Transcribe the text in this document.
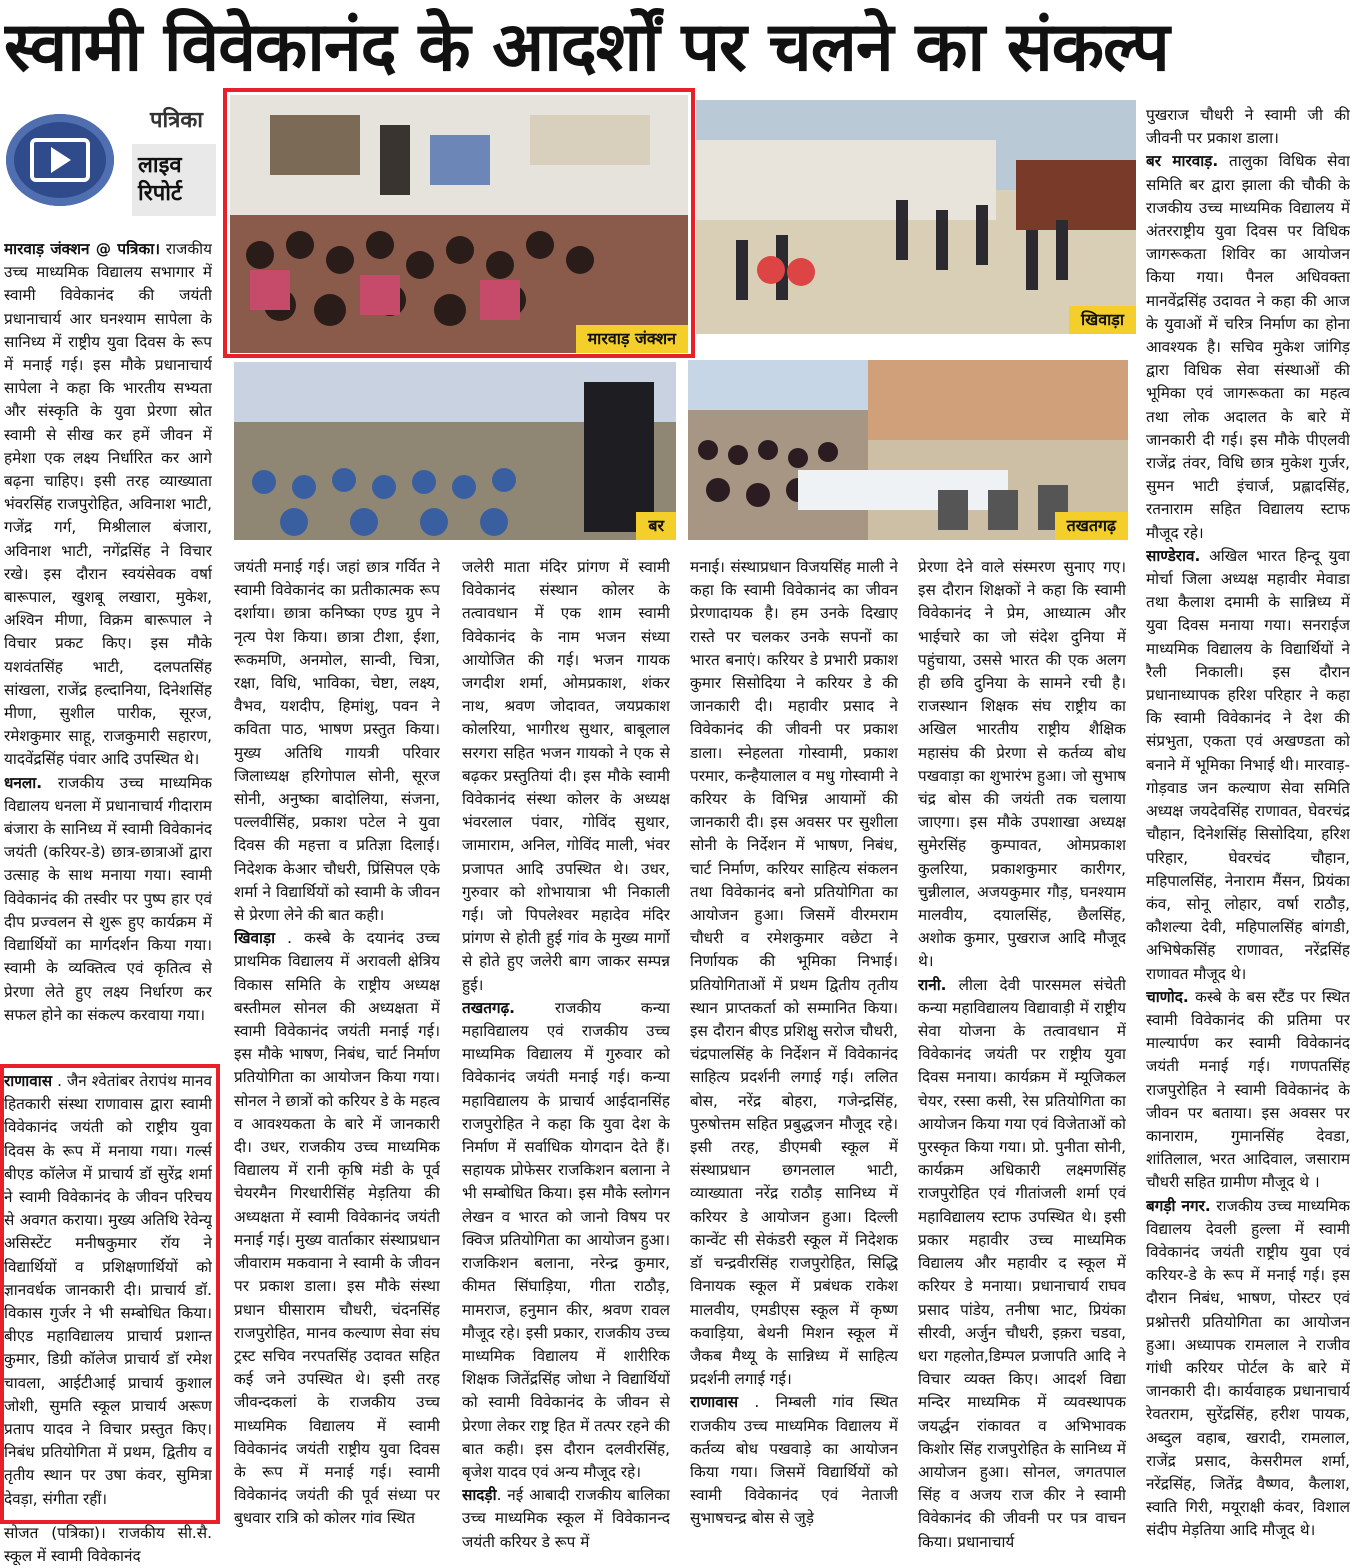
स्वामी विवेकानंद के आदर्शों पर चलने का संकल्प
पत्रिका
लाइव
रिपोर्ट
मारवाड़ जंक्शन
खिवाड़ा
बर	तखतगढ़

मारवाड़ जंक्शन @ पत्रिका। राजकीय उच्च माध्यमिक विद्यालय सभागार में स्वामी विवेकानंद की जयंती प्रधानाचार्य आर घनश्याम सापेला के सानिध्य में राष्ट्रीय युवा दिवस के रूप में मनाई गई। इस मौके प्रधानाचार्य सापेला ने कहा कि भारतीय सभ्यता और संस्कृति के युवा प्रेरणा स्रोत स्वामी से सीख कर हमें जीवन में हमेशा एक लक्ष्य निर्धारित कर आगे बढ़ना चाहिए। इसी तरह व्याख्याता भंवरसिंह राजपुरोहित, अविनाश भाटी, गजेंद्र गर्ग, मिश्रीलाल बंजारा, अविनाश भाटी, नगेंद्रसिंह ने विचार रखे। इस दौरान स्वयंसेवक वर्षा बारूपाल, खुशबू लखारा, मुकेश, अश्विन मीणा, विक्रम बारूपाल ने विचार प्रकट किए। इस मौके यशवंतसिंह भाटी, दलपतसिंह सांखला, राजेंद्र हल्दानिया, दिनेशसिंह मीणा, सुशील पारीक, सूरज, रमेशकुमार साहू, राजकुमारी सहारण, यादवेंद्रसिंह पंवार आदि उपस्थित थे।

धनला. राजकीय उच्च माध्यमिक विद्यालय धनला में प्रधानाचार्य गीदाराम बंजारा के सानिध्य में स्वामी विवेकानंद जयंती (करियर-डे) छात्र-छात्राओं द्वारा उत्साह के साथ मनाया गया। स्वामी विवेकानंद की तस्वीर पर पुष्प हार एवं दीप प्रज्वलन से शुरू हुए कार्यक्रम में विद्यार्थियों का मार्गदर्शन किया गया। स्वामी के व्यक्तित्व एवं कृतित्व से प्रेरणा लेते हुए लक्ष्य निर्धारण कर सफल होने का संकल्प करवाया गया।

राणावास . जैन श्वेतांबर तेरापंथ मानव हितकारी संस्था राणावास द्वारा स्वामी विवेकानंद जयंती को राष्ट्रीय युवा दिवस के रूप में मनाया गया। गर्ल्स बीएड कॉलेज में प्राचार्य डॉ सुरेंद्र शर्मा ने स्वामी विवेकानंद के जीवन परिचय से अवगत कराया। मुख्य अतिथि रेवेन्यू असिस्टेंट मनीषकुमार रॉय ने विद्यार्थियों व प्रशिक्षणार्थियों को ज्ञानवर्धक जानकारी दी। प्राचार्य डॉ. विकास गुर्जर ने भी सम्बोधित किया। बीएड महाविद्यालय प्राचार्य प्रशान्त कुमार, डिग्री कॉलेज प्राचार्य डॉ रमेश चावला, आईटीआई प्राचार्य कुशाल जोशी, सुमति स्कूल प्राचार्य अरूण प्रताप यादव ने विचार प्रस्तुत किए। निबंध प्रतियोगिता में प्रथम, द्वितीय व तृतीय स्थान पर उषा कंवर, सुमित्रा देवड़ा, संगीता रहीं।

सोजत (पत्रिका)। राजकीय सी.सै. स्कूल में स्वामी विवेकानंद

जयंती मनाई गई। जहां छात्र गर्वित ने स्वामी विवेकानंद का प्रतीकात्मक रूप दर्शाया। छात्रा कनिष्का एण्ड ग्रुप ने नृत्य पेश किया। छात्रा टीशा, ईशा, रूकमणि, अनमोल, सान्वी, चित्रा, रक्षा, विधि, भाविका, चेष्टा, लक्ष्य, वैभव, यशदीप, हिमांशु, पवन ने कविता पाठ, भाषण प्रस्तुत किया। मुख्य अतिथि गायत्री परिवार जिलाध्यक्ष हरिगोपाल सोनी, सूरज सोनी, अनुष्का बादोलिया, संजना, पल्लवीसिंह, प्रकाश पटेल ने युवा दिवस की महत्ता व प्रतिज्ञा दिलाई। निदेशक केआर चौधरी, प्रिंसिपल एके शर्मा ने विद्यार्थियों को स्वामी के जीवन से प्रेरणा लेने की बात कही।

खिवाड़ा . कस्बे के दयानंद उच्च प्राथमिक विद्यालय में अरावली क्षेत्रिय विकास समिति के राष्ट्रीय अध्यक्ष बस्तीमल सोनल की अध्यक्षता में स्वामी विवेकानंद जयंती मनाई गई। इस मौके भाषण, निबंध, चार्ट निर्माण प्रतियोगिता का आयोजन किया गया। सोनल ने छात्रों को करियर डे के महत्व व आवश्यकता के बारे में जानकारी दी। उधर, राजकीय उच्च माध्यमिक विद्यालय में रानी कृषि मंडी के पूर्व चेयरमैन गिरधारीसिंह मेड़तिया की अध्यक्षता में स्वामी विवेकानंद जयंती मनाई गई। मुख्य वार्ताकार संस्थाप्रधान जीवाराम मकवाना ने स्वामी के जीवन पर प्रकाश डाला। इस मौके संस्था प्रधान घीसाराम चौधरी, चंदनसिंह राजपुरोहित, मानव कल्याण सेवा संघ ट्रस्ट सचिव नरपतसिंह उदावत सहित कई जने उपस्थित थे। इसी तरह जीवन्दकलां के राजकीय उच्च माध्यमिक विद्यालय में स्वामी विवेकानंद जयंती राष्ट्रीय युवा दिवस के रूप में मनाई गई। स्वामी विवेकानंद जयंती की पूर्व संध्या पर बुधवार रात्रि को कोलर गांव स्थित

जलेरी माता मंदिर प्रांगण में स्वामी विवेकानंद संस्थान कोलर के तत्वावधान में एक शाम स्वामी विवेकानंद के नाम भजन संध्या आयोजित की गई। भजन गायक जगदीश शर्मा, ओमप्रकाश, शंकर नाथ, श्रवण जोदावत, जयप्रकाश कोलरिया, भागीरथ सुथार, बाबूलाल सरगरा सहित भजन गायको ने एक से बढ़कर प्रस्तुतियां दी। इस मौके स्वामी विवेकानंद संस्था कोलर के अध्यक्ष भंवरलाल पंवार, गोविंद सुथार, जामाराम, अनिल, गोविंद माली, भंवर प्रजापत आदि उपस्थित थे। उधर, गुरुवार को शोभायात्रा भी निकाली गई। जो पिपलेश्वर महादेव मंदिर प्रांगण से होती हुई गांव के मुख्य मार्गो से होते हुए जलेरी बाग जाकर सम्पन्न हुई।

तखतगढ़. राजकीय कन्या महाविद्यालय एवं राजकीय उच्च माध्यमिक विद्यालय में गुरुवार को विवेकानंद जयंती मनाई गई। कन्या महाविद्यालय के प्राचार्य आईदानसिंह राजपुरोहित ने कहा कि युवा देश के निर्माण में सर्वाधिक योगदान देते हैं। सहायक प्रोफेसर राजकिशन बलाना ने भी सम्बोधित किया। इस मौके स्लोगन लेखन व भारत को जानो विषय पर क्विज प्रतियोगिता का आयोजन हुआ। राजकिशन बलाना, नरेन्द्र कुमार, कीमत सिंघाड़िया, गीता राठौड़, मामराज, हनुमान कीर, श्रवण रावल मौजूद रहे। इसी प्रकार, राजकीय उच्च माध्यमिक विद्यालय में शारीरिक शिक्षक जितेंद्रसिंह जोधा ने विद्यार्थियों को स्वामी विवेकानंद के जीवन से प्रेरणा लेकर राष्ट्र हित में तत्पर रहने की बात कही। इस दौरान दलवीरसिंह, बृजेश यादव एवं अन्य मौजूद रहे।

सादड़ी. नई आबादी राजकीय बालिका उच्च माध्यमिक स्कूल में विवेकानन्द जयंती करियर डे रूप में

मनाई। संस्थाप्रधान विजयसिंह माली ने कहा कि स्वामी विवेकानंद का जीवन प्रेरणादायक है। हम उनके दिखाए रास्ते पर चलकर उनके सपनों का भारत बनाएं। करियर डे प्रभारी प्रकाश कुमार सिसोदिया ने करियर डे की जानकारी दी। महावीर प्रसाद ने विवेकानंद की जीवनी पर प्रकाश डाला। स्नेहलता गोस्वामी, प्रकाश परमार, कन्हैयालाल व मधु गोस्वामी ने करियर के विभिन्न आयामों की जानकारी दी। इस अवसर पर सुशीला सोनी के निर्देशन में भाषण, निबंध, चार्ट निर्माण, करियर साहित्य संकलन तथा विवेकानंद बनो प्रतियोगिता का आयोजन हुआ। जिसमें वीरमराम चौधरी व रमेशकुमार वछेटा ने निर्णायक की भूमिका निभाई। प्रतियोगिताओं में प्रथम द्वितीय तृतीय स्थान प्राप्तकर्ता को सम्मानित किया। इस दौरान बीएड प्रशिक्षु सरोज चौधरी, चंद्रपालसिंह के निर्देशन में विवेकानंद साहित्य प्रदर्शनी लगाई गई। ललित बोस, नरेंद्र बोहरा, गजेन्द्रसिंह, पुरुषोत्तम सहित प्रबुद्धजन मौजूद रहे। इसी तरह, डीएमबी स्कूल में संस्थाप्रधान छगनलाल भाटी, व्याख्याता नरेंद्र राठौड़ सानिध्य में करियर डे आयोजन हुआ। दिल्ली कान्वेंट सी सेकंडरी स्कूल में निदेशक डॉ चन्द्रवीरसिंह राजपुरोहित, सिद्धि विनायक स्कूल में प्रबंधक राकेश मालवीय, एमडीएस स्कूल में कृष्ण कवाड़िया, बेथनी मिशन स्कूल में जैकब मैथ्यू के सान्निध्य में साहित्य प्रदर्शनी लगाई गई।

राणावास . निम्बली गांव स्थित राजकीय उच्च माध्यमिक विद्यालय में कर्तव्य बोध पखवाड़े का आयोजन किया गया। जिसमें विद्यार्थियों को स्वामी विवेकानंद एवं नेताजी सुभाषचन्द्र बोस से जुड़े

प्रेरणा देने वाले संस्मरण सुनाए गए। इस दौरान शिक्षकों ने कहा कि स्वामी विवेकानंद ने प्रेम, आध्यात्म और भाईचारे का जो संदेश दुनिया में पहुंचाया, उससे भारत की एक अलग ही छवि दुनिया के सामने रची है।राजस्थान शिक्षक संघ राष्ट्रीय का अखिल भारतीय राष्ट्रीय शैक्षिक महासंघ की प्रेरणा से कर्तव्य बोध पखवाड़ा का शुभारंभ हुआ। जो सुभाष चंद्र बोस की जयंती तक चलाया जाएगा। इस मौके उपशाखा अध्यक्ष सुमेरसिंह कुम्पावत, ओमप्रकाश कुलरिया, प्रकाशकुमार कारीगर, चुन्नीलाल, अजयकुमार गौड़, घनश्याम मालवीय, दयालसिंह, छैलसिंह, अशोक कुमार, पुखराज आदि मौजूद थे।

रानी. लीला देवी पारसमल संचेती कन्या महाविद्यालय विद्यावाड़ी में राष्ट्रीय सेवा योजना के तत्वावधान में विवेकानंद जयंती पर राष्ट्रीय युवा दिवस मनाया। कार्यक्रम में म्यूजिकल चेयर, रस्सा कसी, रेस प्रतियोगिता का आयोजन किया गया एवं विजेताओं को पुरस्कृत किया गया। प्रो. पुनीता सोनी, कार्यक्रम अधिकारी लक्ष्मणसिंह राजपुरोहित एवं गीतांजली शर्मा एवं महाविद्यालय स्टाफ उपस्थित थे। इसी प्रकार महावीर उच्च माध्यमिक विद्यालय और महावीर द स्कूल में करियर डे मनाया। प्रधानाचार्य राघव प्रसाद पांडेय, तनीषा भाट, प्रियंका सीरवी, अर्जुन चौधरी, इक़रा चडवा, धरा गहलोत,डिम्पल प्रजापति आदि ने विचार व्यक्त किए। आदर्श विद्या मन्दिर माध्यमिक में व्यवस्थापक जयर्द्धन रांकावत व अभिभावक किशोर सिंह राजपुरोहित के सानिध्य में आयोजन हुआ। सोनल, जगतपाल सिंह व अजय राज कीर ने स्वामी विवेकानंद की जीवनी पर पत्र वाचन किया। प्रधानाचार्य

पुखराज चौधरी ने स्वामी जी की जीवनी पर प्रकाश डाला।

बर मारवाड़. तालुका विधिक सेवा समिति बर द्वारा झाला की चौकी के राजकीय उच्च माध्यमिक विद्यालय में अंतरराष्ट्रीय युवा दिवस पर विधिक जागरूकता शिविर का आयोजन किया गया। पैनल अधिवक्ता मानवेंद्रसिंह उदावत ने कहा की आज के युवाओं में चरित्र निर्माण का होना आवश्यक है। सचिव मुकेश जांगिड़ द्वारा विधिक सेवा संस्थाओं की भूमिका एवं जागरूकता का महत्व तथा लोक अदालत के बारे में जानकारी दी गई। इस मौके पीएलवी राजेंद्र तंवर, विधि छात्र मुकेश गुर्जर, सुमन भाटी इंचार्ज, प्रह्लादसिंह, रतनाराम सहित विद्यालय स्टाफ मौजूद रहे।

साण्डेराव. अखिल भारत हिन्दू युवा मोर्चा जिला अध्यक्ष महावीर मेवाडा तथा कैलाश दमामी के सान्निध्य में युवा दिवस मनाया गया। सनराईज माध्यमिक विद्यालय के विद्यार्थियों ने रैली निकाली। इस दौरान प्रधानाध्यापक हरिश परिहार ने कहा कि स्वामी विवेकानंद ने देश की संप्रभुता, एकता एवं अखण्डता को बनाने में भूमिका निभाई थी। मारवाड़-गोड़वाड जन कल्याण सेवा समिति अध्यक्ष जयदेवसिंह राणावत, घेवरचंद्र चौहान, दिनेशसिंह सिसोदिया, हरिश परिहार, घेवरचंद चौहान, महिपालसिंह, नेनाराम मैंसन, प्रियंका कंव, सोनू लोहार, वर्षा राठौड़, कौशल्या देवी, महिपालसिंह बांगडी, अभिषेकसिंह राणावत, नरेंद्रसिंह राणावत मौजूद थे।

चाणोद. कस्बे के बस स्टैंड पर स्थित स्वामी विवेकानंद की प्रतिमा पर माल्यार्पण कर स्वामी विवेकानंद जयंती मनाई गई। गणपतसिंह राजपुरोहित ने स्वामी विवेकानंद के जीवन पर बताया। इस अवसर पर कानाराम, गुमानसिंह देवडा, शांतिलाल, भरत आदिवाल, जसाराम चौधरी सहित ग्रामीण मौजूद थे ।

बगड़ी नगर. राजकीय उच्च माध्यमिक विद्यालय देवली हुल्ला में स्वामी विवेकानंद जयंती राष्ट्रीय युवा एवं करियर-डे के रूप में मनाई गई। इस दौरान निबंध, भाषण, पोस्टर एवं प्रश्नोत्तरी प्रतियोगिता का आयोजन हुआ। अध्यापक रामलाल ने राजीव गांधी करियर पोर्टल के बारे में जानकारी दी। कार्यवाहक प्रधानाचार्य रेवतराम, सुरेंद्रसिंह, हरीश पायक, अब्दुल वहाब, खरादी, रामलाल, राजेंद्र प्रसाद, केसरीमल शर्मा, नरेंद्रसिंह, जितेंद्र वैष्णव, कैलाश, स्वाति गिरी, मयूराक्षी कंवर, विशाल संदीप मेड़तिया आदि मौजूद थे।
